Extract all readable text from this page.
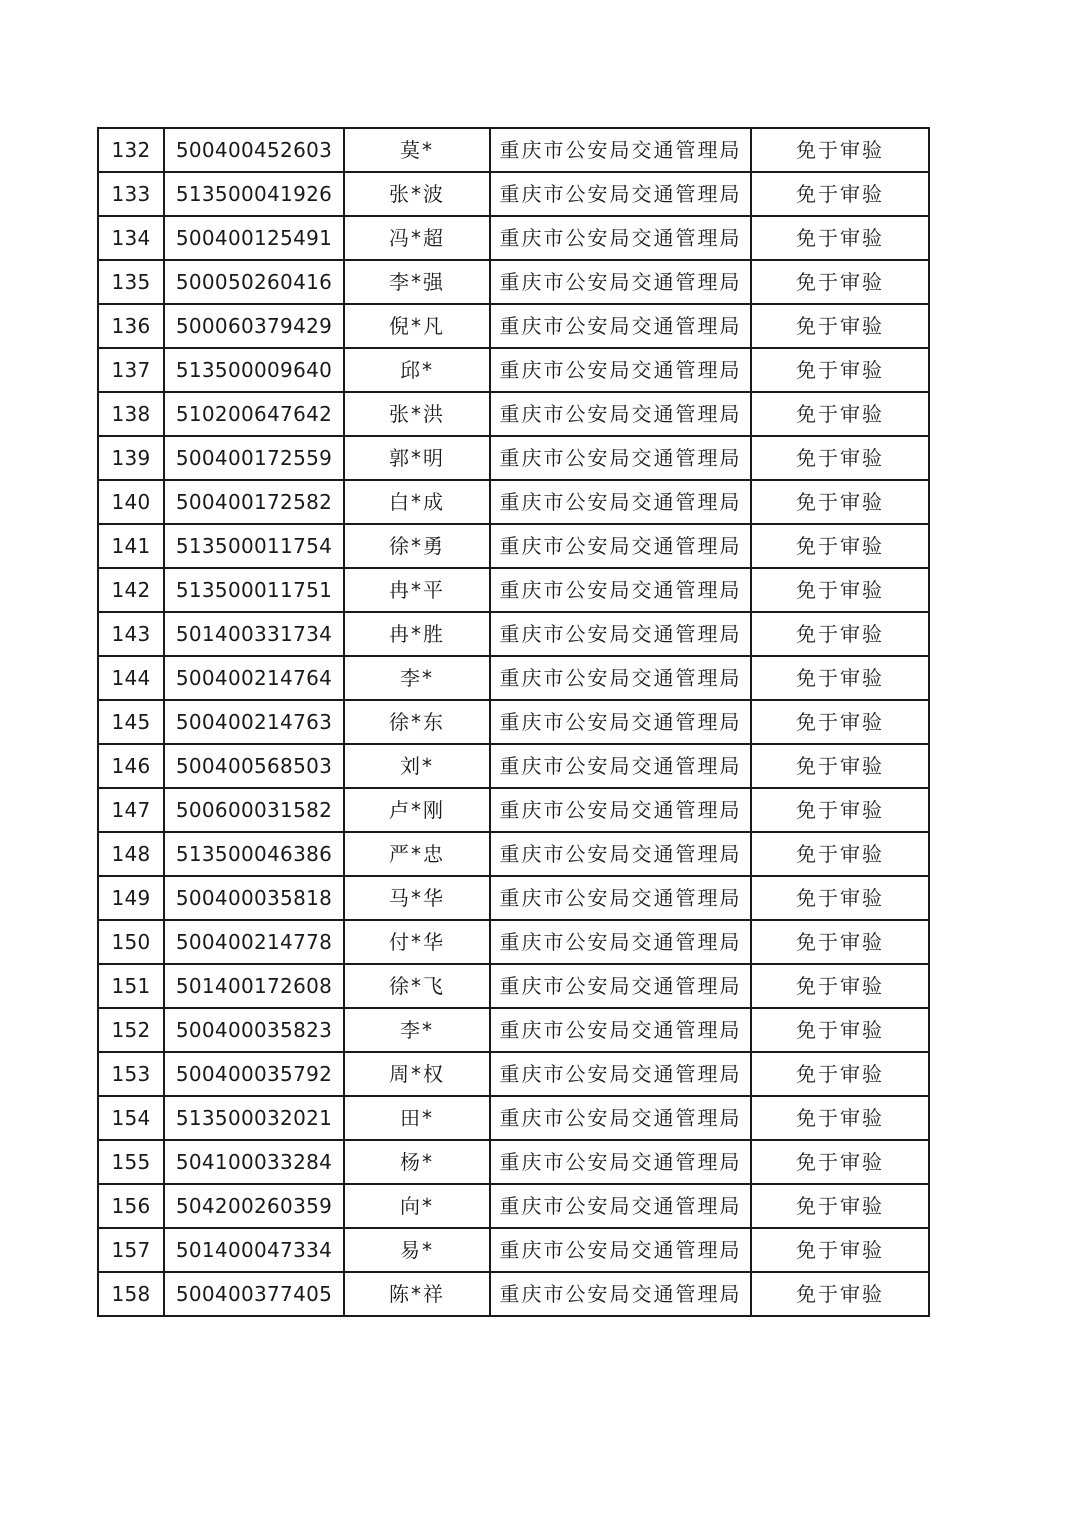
132	500400452603	莫*	重庆市公安局交通管理局	免于审验
133	513500041926	张*波	重庆市公安局交通管理局	免于审验
134	500400125491	冯*超	重庆市公安局交通管理局	免于审验
135	500050260416	李*强	重庆市公安局交通管理局	免于审验
136	500060379429	倪*凡	重庆市公安局交通管理局	免于审验
137	513500009640	邱*	重庆市公安局交通管理局	免于审验
138	510200647642	张*洪	重庆市公安局交通管理局	免于审验
139	500400172559	郭*明	重庆市公安局交通管理局	免于审验
140	500400172582	白*成	重庆市公安局交通管理局	免于审验
141	513500011754	徐*勇	重庆市公安局交通管理局	免于审验
142	513500011751	冉*平	重庆市公安局交通管理局	免于审验
143	501400331734	冉*胜	重庆市公安局交通管理局	免于审验
144	500400214764	李*	重庆市公安局交通管理局	免于审验
145	500400214763	徐*东	重庆市公安局交通管理局	免于审验
146	500400568503	刘*	重庆市公安局交通管理局	免于审验
147	500600031582	卢*刚	重庆市公安局交通管理局	免于审验
148	513500046386	严*忠	重庆市公安局交通管理局	免于审验
149	500400035818	马*华	重庆市公安局交通管理局	免于审验
150	500400214778	付*华	重庆市公安局交通管理局	免于审验
151	501400172608	徐*飞	重庆市公安局交通管理局	免于审验
152	500400035823	李*	重庆市公安局交通管理局	免于审验
153	500400035792	周*权	重庆市公安局交通管理局	免于审验
154	513500032021	田*	重庆市公安局交通管理局	免于审验
155	504100033284	杨*	重庆市公安局交通管理局	免于审验
156	504200260359	向*	重庆市公安局交通管理局	免于审验
157	501400047334	易*	重庆市公安局交通管理局	免于审验
158	500400377405	陈*祥	重庆市公安局交通管理局	免于审验
